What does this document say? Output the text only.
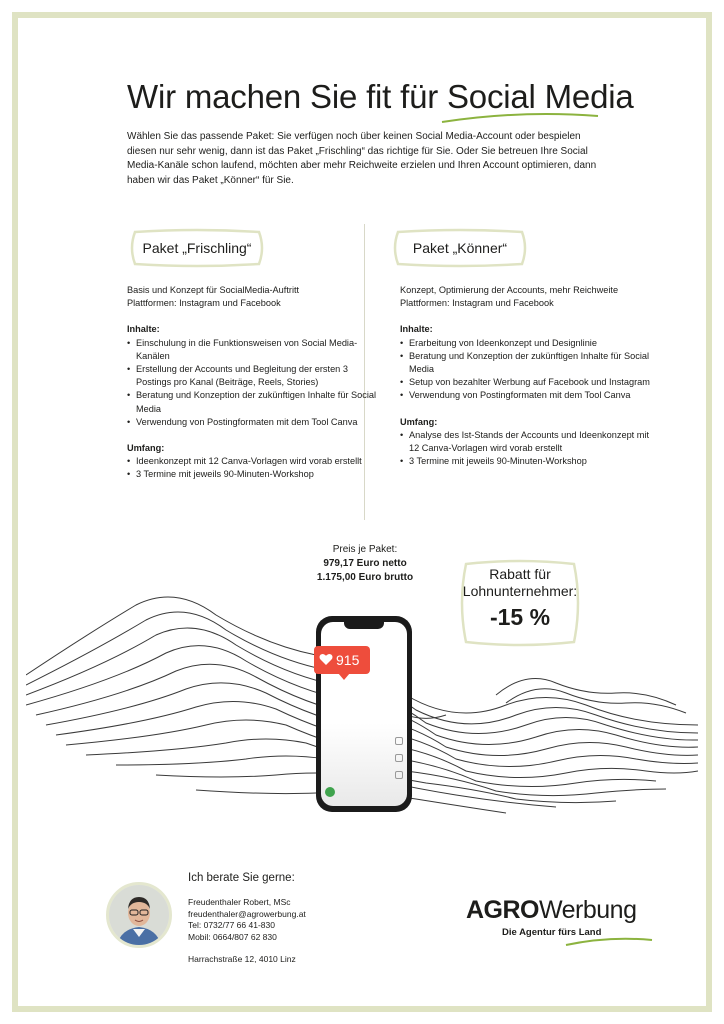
Wir machen Sie fit für Social Media

Wählen Sie das passende Paket: Sie verfügen noch über keinen Social Media-Account oder bespielen diesen nur sehr wenig, dann ist das Paket „Frischling“ das richtige für Sie. Oder Sie betreuen Ihre Social Media-Kanäle schon laufend, möchten aber mehr Reichweite erzielen und Ihren Account optimieren, dann haben wir das Paket „Könner“ für Sie.

Paket „Frischling“

Basis und Konzept für SocialMedia-Auftritt
Plattformen: Instagram und Facebook

Inhalte:
• Einschulung in die Funktionsweisen von Social Media-Kanälen
• Erstellung der Accounts und Begleitung der ersten 3 Postings pro Kanal (Beiträge, Reels, Stories)
• Beratung und Konzeption der zukünftigen Inhalte für Social Media
• Verwendung von Postingformaten mit dem Tool Canva
Umfang:
• Ideenkonzept mit 12 Canva-Vorlagen wird vorab erstellt
• 3 Termine mit jeweils 90-Minuten-Workshop
Paket „Könner“

Konzept, Optimierung der Accounts, mehr Reichweite
Plattformen: Instagram und Facebook

Inhalte:
• Erarbeitung von Ideenkonzept und Designlinie
• Beratung und Konzeption der zukünftigen Inhalte für Social Media
• Setup von bezahlter Werbung auf Facebook und Instagram
• Verwendung von Postingformaten mit dem Tool Canva
Umfang:
• Analyse des Ist-Stands der Accounts und Ideenkonzept mit 12 Canva-Vorlagen wird vorab erstellt
• 3 Termine mit jeweils 90-Minuten-Workshop
Preis je Paket:
979,17 Euro netto
1.175,00 Euro brutto	Rabatt für
Lohnunternehmer:
-15 %
915
Ich berate Sie gerne:
Freudenthaler Robert, MSc
freudenthaler@agrowerbung.at
Tel: 0732/77 66 41-830
Mobil: 0664/807 62 830
Harrachstraße 12, 4010 Linz
AGROWerbung
Die Agentur fürs Land
